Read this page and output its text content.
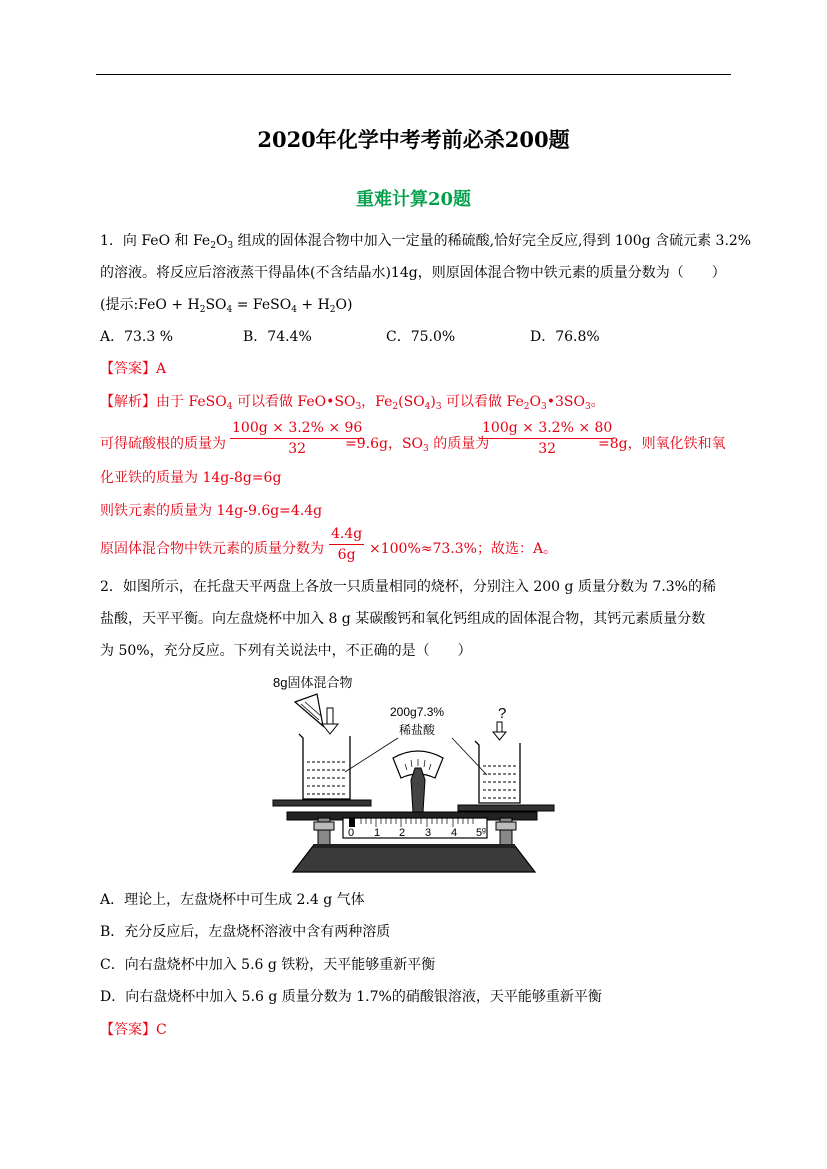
2020年化学中考考前必杀200题
重难计算20题
1．向 FeO 和 $Fe_2O_3$ 组成的固体混合物中加入一定量的稀硫酸,恰好完全反应,得到 100g 含硫元素 3.2%
的溶液。将反应后溶液蒸干得晶体(不含结晶水)14g，则原固体混合物中铁元素的质量分数为（　　）
(提示:FeO + $H_2SO_4$ = FeSO$_4$ + $H_2O$)
A．73.3 %	B．74.4%	C．75.0%	D．76.8%
【答案】A
【解析】由于 FeSO$_4$ 可以看做 $FeO•SO_3$，$Fe_2(SO_4)_3$ 可以看做 $Fe_2O_3•3SO_3$。
可得硫酸根的质量为 $\frac{100g \times 3.2\% \times 96}{32}$
=9.6g，$SO_3$ 的质量为
$\frac{100g \times 3.2\% \times 80}{32}$
=8g，则氧化铁和氧
化亚铁的质量为 14g-8g=6g
则铁元素的质量为 14g-9.6g=4.4g
原固体混合物中铁元素的质量分数为 $\frac{4.4g}{6g} \times 100\%\approx 73.3\%$；故选：A。
2．如图所示，在托盘天平两盘上各放一只质量相同的烧杯，分别注入 200 g 质量分数为 7.3%的稀
盐酸，天平平衡。向左盘烧杯中加入 8 g 某碳酸钙和氧化钙组成的固体混合物，其钙元素质量分数
为 50%，充分反应。下列有关说法中，不正确的是（　　）
8g固体混合物
200g7.3%
稀盐酸
?
0 1 2 3 4 5 g
A．理论上，左盘烧杯中可生成 2.4 g 气体
B．充分反应后，左盘烧杯溶液中含有两种溶质
C．向右盘烧杯中加入 5.6 g 铁粉，天平能够重新平衡
D．向右盘烧杯中加入 5.6 g 质量分数为 1.7%的硝酸银溶液，天平能够重新平衡
【答案】C
